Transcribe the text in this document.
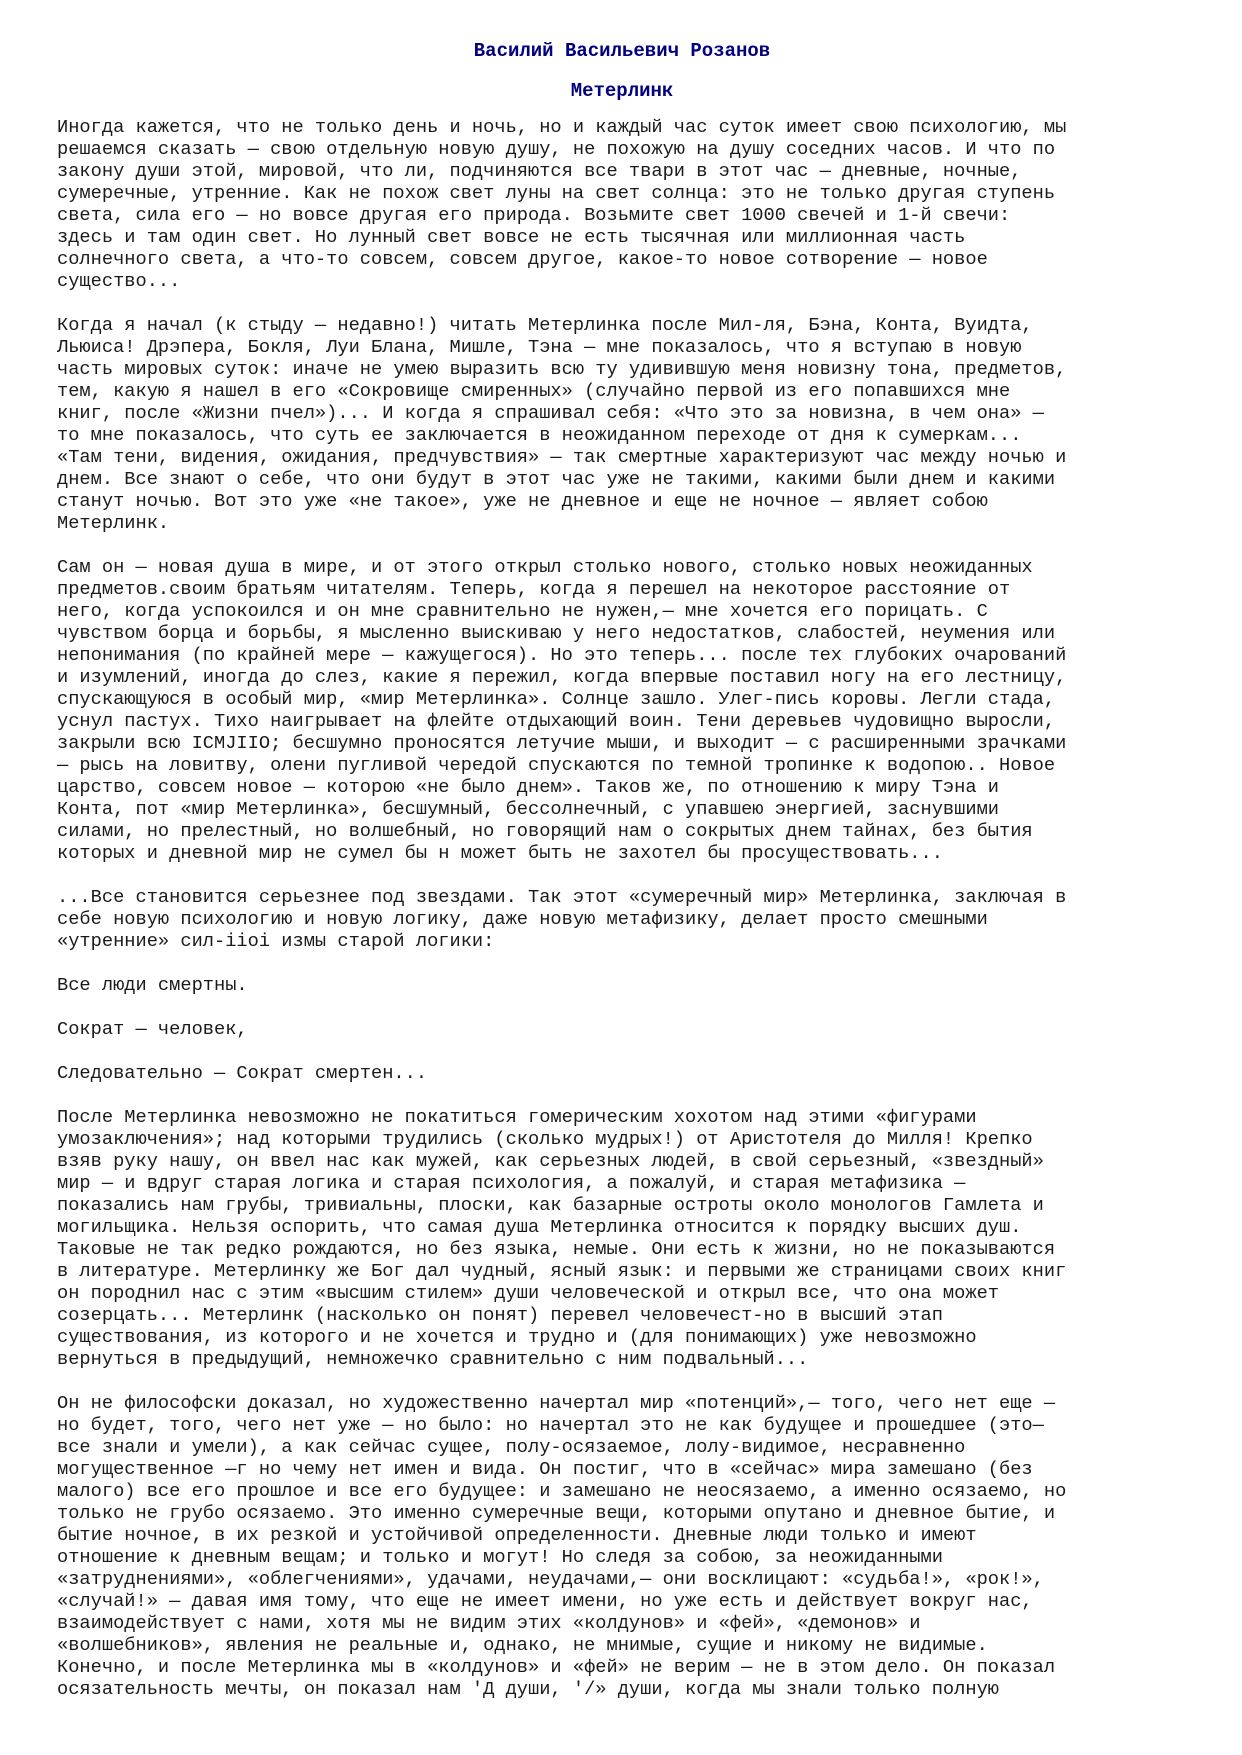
Василий Васильевич Розанов
Метерлинк
Иногда кажется, что не только день и ночь, но и каждый час суток имеет свою психологию, мы
решаемся сказать — свою отдельную новую душу, не похожую на душу соседних часов. И что по
закону души этой, мировой, что ли, подчиняются все твари в этот час — дневные, ночные,
сумеречные, утренние. Как не похож свет луны на свет солнца: это не только другая ступень
света, сила его — но вовсе другая его природа. Возьмите свет 1000 свечей и 1-й свечи:
здесь и там один свет. Но лунный свет вовсе не есть тысячная или миллионная часть
солнечного света, а что-то совсем, совсем другое, какое-то новое сотворение — новое
существо...
Когда я начал (к стыду — недавно!) читать Метерлинка после Мил-ля, Бэна, Конта, Вуидта,
Льюиса! Дрэпера, Бокля, Луи Блана, Мишле, Тэна — мне показалось, что я вступаю в новую
часть мировых суток: иначе не умею выразить всю ту удивившую меня новизну тона, предметов,
тем, какую я нашел в его «Сокровище смиренных» (случайно первой из его попавшихся мне
книг, после «Жизни пчел»)... И когда я спрашивал себя: «Что это за новизна, в чем она» —
то мне показалось, что суть ее заключается в неожиданном переходе от дня к сумеркам...
«Там тени, видения, ожидания, предчувствия» — так смертные характеризуют час между ночью и
днем. Все знают о себе, что они будут в этот час уже не такими, какими были днем и какими
станут ночью. Вот это уже «не такое», уже не дневное и еще не ночное — являет собою
Метерлинк.
Сам он — новая душа в мире, и от этого открыл столько нового, столько новых неожиданных
предметов.своим братьям читателям. Теперь, когда я перешел на некоторое расстояние от
него, когда успокоился и он мне сравнительно не нужен,— мне хочется его порицать. С
чувством борца и борьбы, я мысленно выискиваю у него недостатков, слабостей, неумения или
непонимания (по крайней мере — кажущегося). Но это теперь... после тех глубоких очарований
и изумлений, иногда до слез, какие я пережил, когда впервые поставил ногу на его лестницу,
спускающуюся в особый мир, «мир Метерлинка». Солнце зашло. Улег-пись коровы. Легли стада,
уснул пастух. Тихо наигрывает на флейте отдыхающий воин. Тени деревьев чудовищно выросли,
закрыли всю ICMJIIO; бесшумно проносятся летучие мыши, и выходит — с расширенными зрачками
— рысь на ловитву, олени пугливой чередой спускаются по темной тропинке к водопою.. Новое
царство, совсем новое — которою «не было днем». Таков же, по отношению к миру Тэна и
Конта, пот «мир Метерлинка», бесшумный, бессолнечный, с упавшею энергией, заснувшими
силами, но прелестный, но волшебный, но говорящий нам о сокрытых днем тайнах, без бытия
которых и дневной мир не сумел бы н может быть не захотел бы просуществовать...
...Все становится серьезнее под звездами. Так этот «сумеречный мир» Метерлинка, заключая в
себе новую психологию и новую логику, даже новую метафизику, делает просто смешными
«утренние» сил-iioi измы старой логики:
Все люди смертны.
Сократ — человек,
Следовательно — Сократ смертен...
После Метерлинка невозможно не покатиться гомерическим хохотом над этими «фигурами
умозаключения»; над которыми трудились (сколько мудрых!) от Аристотеля до Милля! Крепко
взяв руку нашу, он ввел нас как мужей, как серьезных людей, в свой серьезный, «звездный»
мир — и вдруг старая логика и старая психология, а пожалуй, и старая метафизика —
показались нам грубы, тривиальны, плоски, как базарные остроты около монологов Гамлета и
могильщика. Нельзя оспорить, что самая душа Метерлинка относится к порядку высших душ.
Таковые не так редко рождаются, но без языка, немые. Они есть к жизни, но не показываются
в литературе. Метерлинку же Бог дал чудный, ясный язык: и первыми же страницами своих книг
он породнил нас с этим «высшим стилем» души человеческой и открыл все, что она может
созерцать... Метерлинк (насколько он понят) перевел человечест-но в высший этап
существования, из которого и не хочется и трудно и (для понимающих) уже невозможно
вернуться в предыдущий, немножечко сравнительно с ним подвальный...
Он не философски доказал, но художественно начертал мир «потенций»,— того, чего нет еще —
но будет, того, чего нет уже — но было: но начертал это не как будущее и прошедшее (это—
все знали и умели), а как сейчас сущее, полу-осязаемое, лолу-видимое, несравненно
могущественное —г но чему нет имен и вида. Он постиг, что в «сейчас» мира замешано (без
малого) все его прошлое и все его будущее: и замешано не неосязаемо, а именно осязаемо, но
только не грубо осязаемо. Это именно сумеречные вещи, которыми опутано и дневное бытие, и
бытие ночное, в их резкой и устойчивой определенности. Дневные люди только и имеют
отношение к дневным вещам; и только и могут! Но следя за собою, за неожиданными
«затруднениями», «облегчениями», удачами, неудачами,— они восклицают: «судьба!», «рок!»,
«случай!» — давая имя тому, что еще не имеет имени, но уже есть и действует вокруг нас,
взаимодействует с нами, хотя мы не видим этих «колдунов» и «фей», «демонов» и
«волшебников», явления не реальные и, однако, не мнимые, сущие и никому не видимые.
Конечно, и после Метерлинка мы в «колдунов» и «фей» не верим — не в этом дело. Он показал
осязательность мечты, он показал нам 'Д души, '/» души, когда мы знали только полную
